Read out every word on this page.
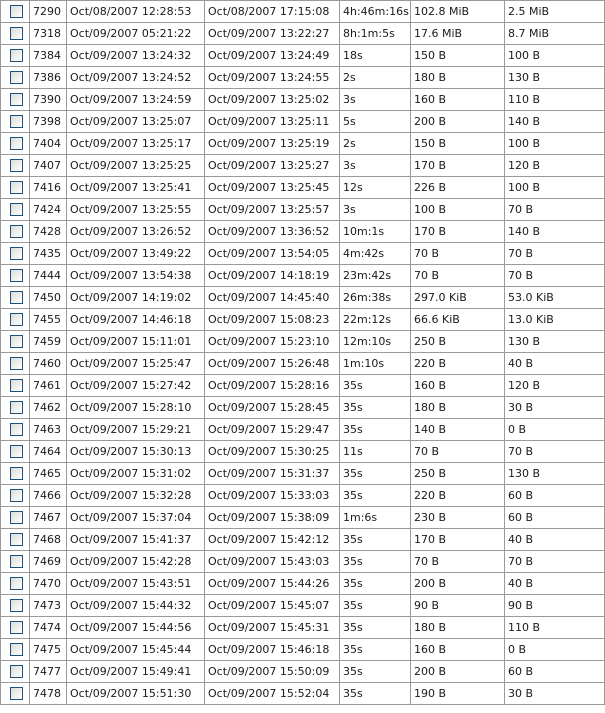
	7290	Oct/08/2007 12:28:53	Oct/08/2007 17:15:08	4h:46m:16s	102.8 MiB	2.5 MiB
	7318	Oct/09/2007 05:21:22	Oct/09/2007 13:22:27	8h:1m:5s	17.6 MiB	8.7 MiB
	7384	Oct/09/2007 13:24:32	Oct/09/2007 13:24:49	18s	150 B	100 B
	7386	Oct/09/2007 13:24:52	Oct/09/2007 13:24:55	2s	180 B	130 B
	7390	Oct/09/2007 13:24:59	Oct/09/2007 13:25:02	3s	160 B	110 B
	7398	Oct/09/2007 13:25:07	Oct/09/2007 13:25:11	5s	200 B	140 B
	7404	Oct/09/2007 13:25:17	Oct/09/2007 13:25:19	2s	150 B	100 B
	7407	Oct/09/2007 13:25:25	Oct/09/2007 13:25:27	3s	170 B	120 B
	7416	Oct/09/2007 13:25:41	Oct/09/2007 13:25:45	12s	226 B	100 B
	7424	Oct/09/2007 13:25:55	Oct/09/2007 13:25:57	3s	100 B	70 B
	7428	Oct/09/2007 13:26:52	Oct/09/2007 13:36:52	10m:1s	170 B	140 B
	7435	Oct/09/2007 13:49:22	Oct/09/2007 13:54:05	4m:42s	70 B	70 B
	7444	Oct/09/2007 13:54:38	Oct/09/2007 14:18:19	23m:42s	70 B	70 B
	7450	Oct/09/2007 14:19:02	Oct/09/2007 14:45:40	26m:38s	297.0 KiB	53.0 KiB
	7455	Oct/09/2007 14:46:18	Oct/09/2007 15:08:23	22m:12s	66.6 KiB	13.0 KiB
	7459	Oct/09/2007 15:11:01	Oct/09/2007 15:23:10	12m:10s	250 B	130 B
	7460	Oct/09/2007 15:25:47	Oct/09/2007 15:26:48	1m:10s	220 B	40 B
	7461	Oct/09/2007 15:27:42	Oct/09/2007 15:28:16	35s	160 B	120 B
	7462	Oct/09/2007 15:28:10	Oct/09/2007 15:28:45	35s	180 B	30 B
	7463	Oct/09/2007 15:29:21	Oct/09/2007 15:29:47	35s	140 B	0 B
	7464	Oct/09/2007 15:30:13	Oct/09/2007 15:30:25	11s	70 B	70 B
	7465	Oct/09/2007 15:31:02	Oct/09/2007 15:31:37	35s	250 B	130 B
	7466	Oct/09/2007 15:32:28	Oct/09/2007 15:33:03	35s	220 B	60 B
	7467	Oct/09/2007 15:37:04	Oct/09/2007 15:38:09	1m:6s	230 B	60 B
	7468	Oct/09/2007 15:41:37	Oct/09/2007 15:42:12	35s	170 B	40 B
	7469	Oct/09/2007 15:42:28	Oct/09/2007 15:43:03	35s	70 B	70 B
	7470	Oct/09/2007 15:43:51	Oct/09/2007 15:44:26	35s	200 B	40 B
	7473	Oct/09/2007 15:44:32	Oct/09/2007 15:45:07	35s	90 B	90 B
	7474	Oct/09/2007 15:44:56	Oct/09/2007 15:45:31	35s	180 B	110 B
	7475	Oct/09/2007 15:45:44	Oct/09/2007 15:46:18	35s	160 B	0 B
	7477	Oct/09/2007 15:49:41	Oct/09/2007 15:50:09	35s	200 B	60 B
	7478	Oct/09/2007 15:51:30	Oct/09/2007 15:52:04	35s	190 B	30 B
